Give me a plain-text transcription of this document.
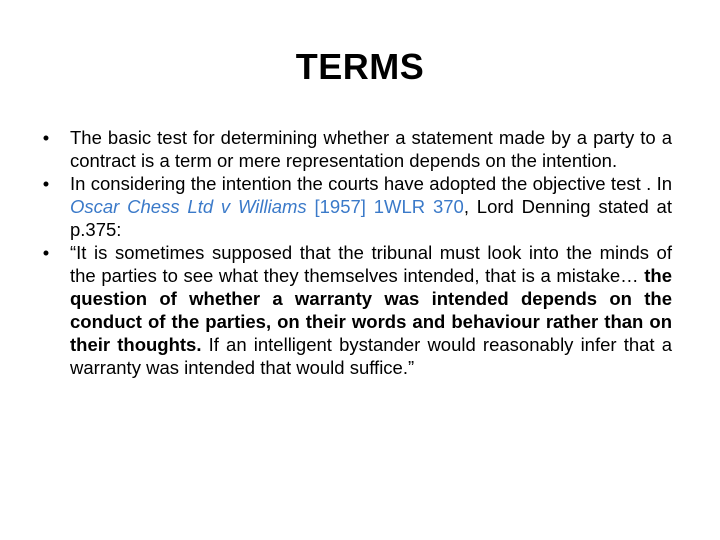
TERMS
•	The basic test for determining whether a statement made by a party to a contract is a term or mere representation depends on the intention.
•	In considering the intention the courts have adopted the objective test . In Oscar Chess Ltd v Williams [1957] 1WLR 370, Lord Denning stated at p.375:
•	“It is sometimes supposed that the tribunal must look into the minds of the parties to see what they themselves intended, that is a mistake… the question of whether a warranty was intended depends on the conduct of the parties, on their words and behaviour rather than on their thoughts. If an intelligent bystander would reasonably infer that a warranty was intended that would suffice.”
